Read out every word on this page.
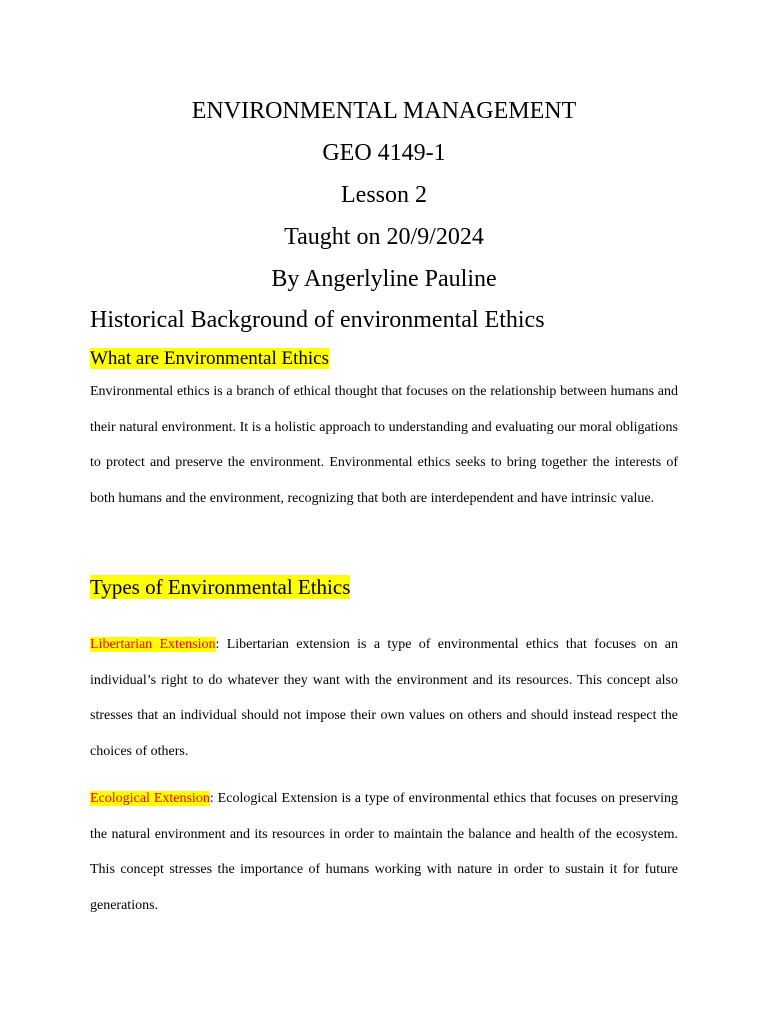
ENVIRONMENTAL MANAGEMENT

GEO 4149-1

Lesson 2

Taught on 20/9/2024

By Angerlyline Pauline

Historical Background of environmental Ethics
What are Environmental Ethics

Environmental ethics is a branch of ethical thought that focuses on the relationship between humans and their natural environment. It is a holistic approach to understanding and evaluating our moral obligations to protect and preserve the environment. Environmental ethics seeks to bring together the interests of both humans and the environment, recognizing that both are interdependent and have intrinsic value.

Types of Environmental Ethics

Libertarian Extension: Libertarian extension is a type of environmental ethics that focuses on an individual’s right to do whatever they want with the environment and its resources. This concept also stresses that an individual should not impose their own values on others and should instead respect the choices of others.

Ecological Extension: Ecological Extension is a type of environmental ethics that focuses on preserving the natural environment and its resources in order to maintain the balance and health of the ecosystem. This concept stresses the importance of humans working with nature in order to sustain it for future generations.
